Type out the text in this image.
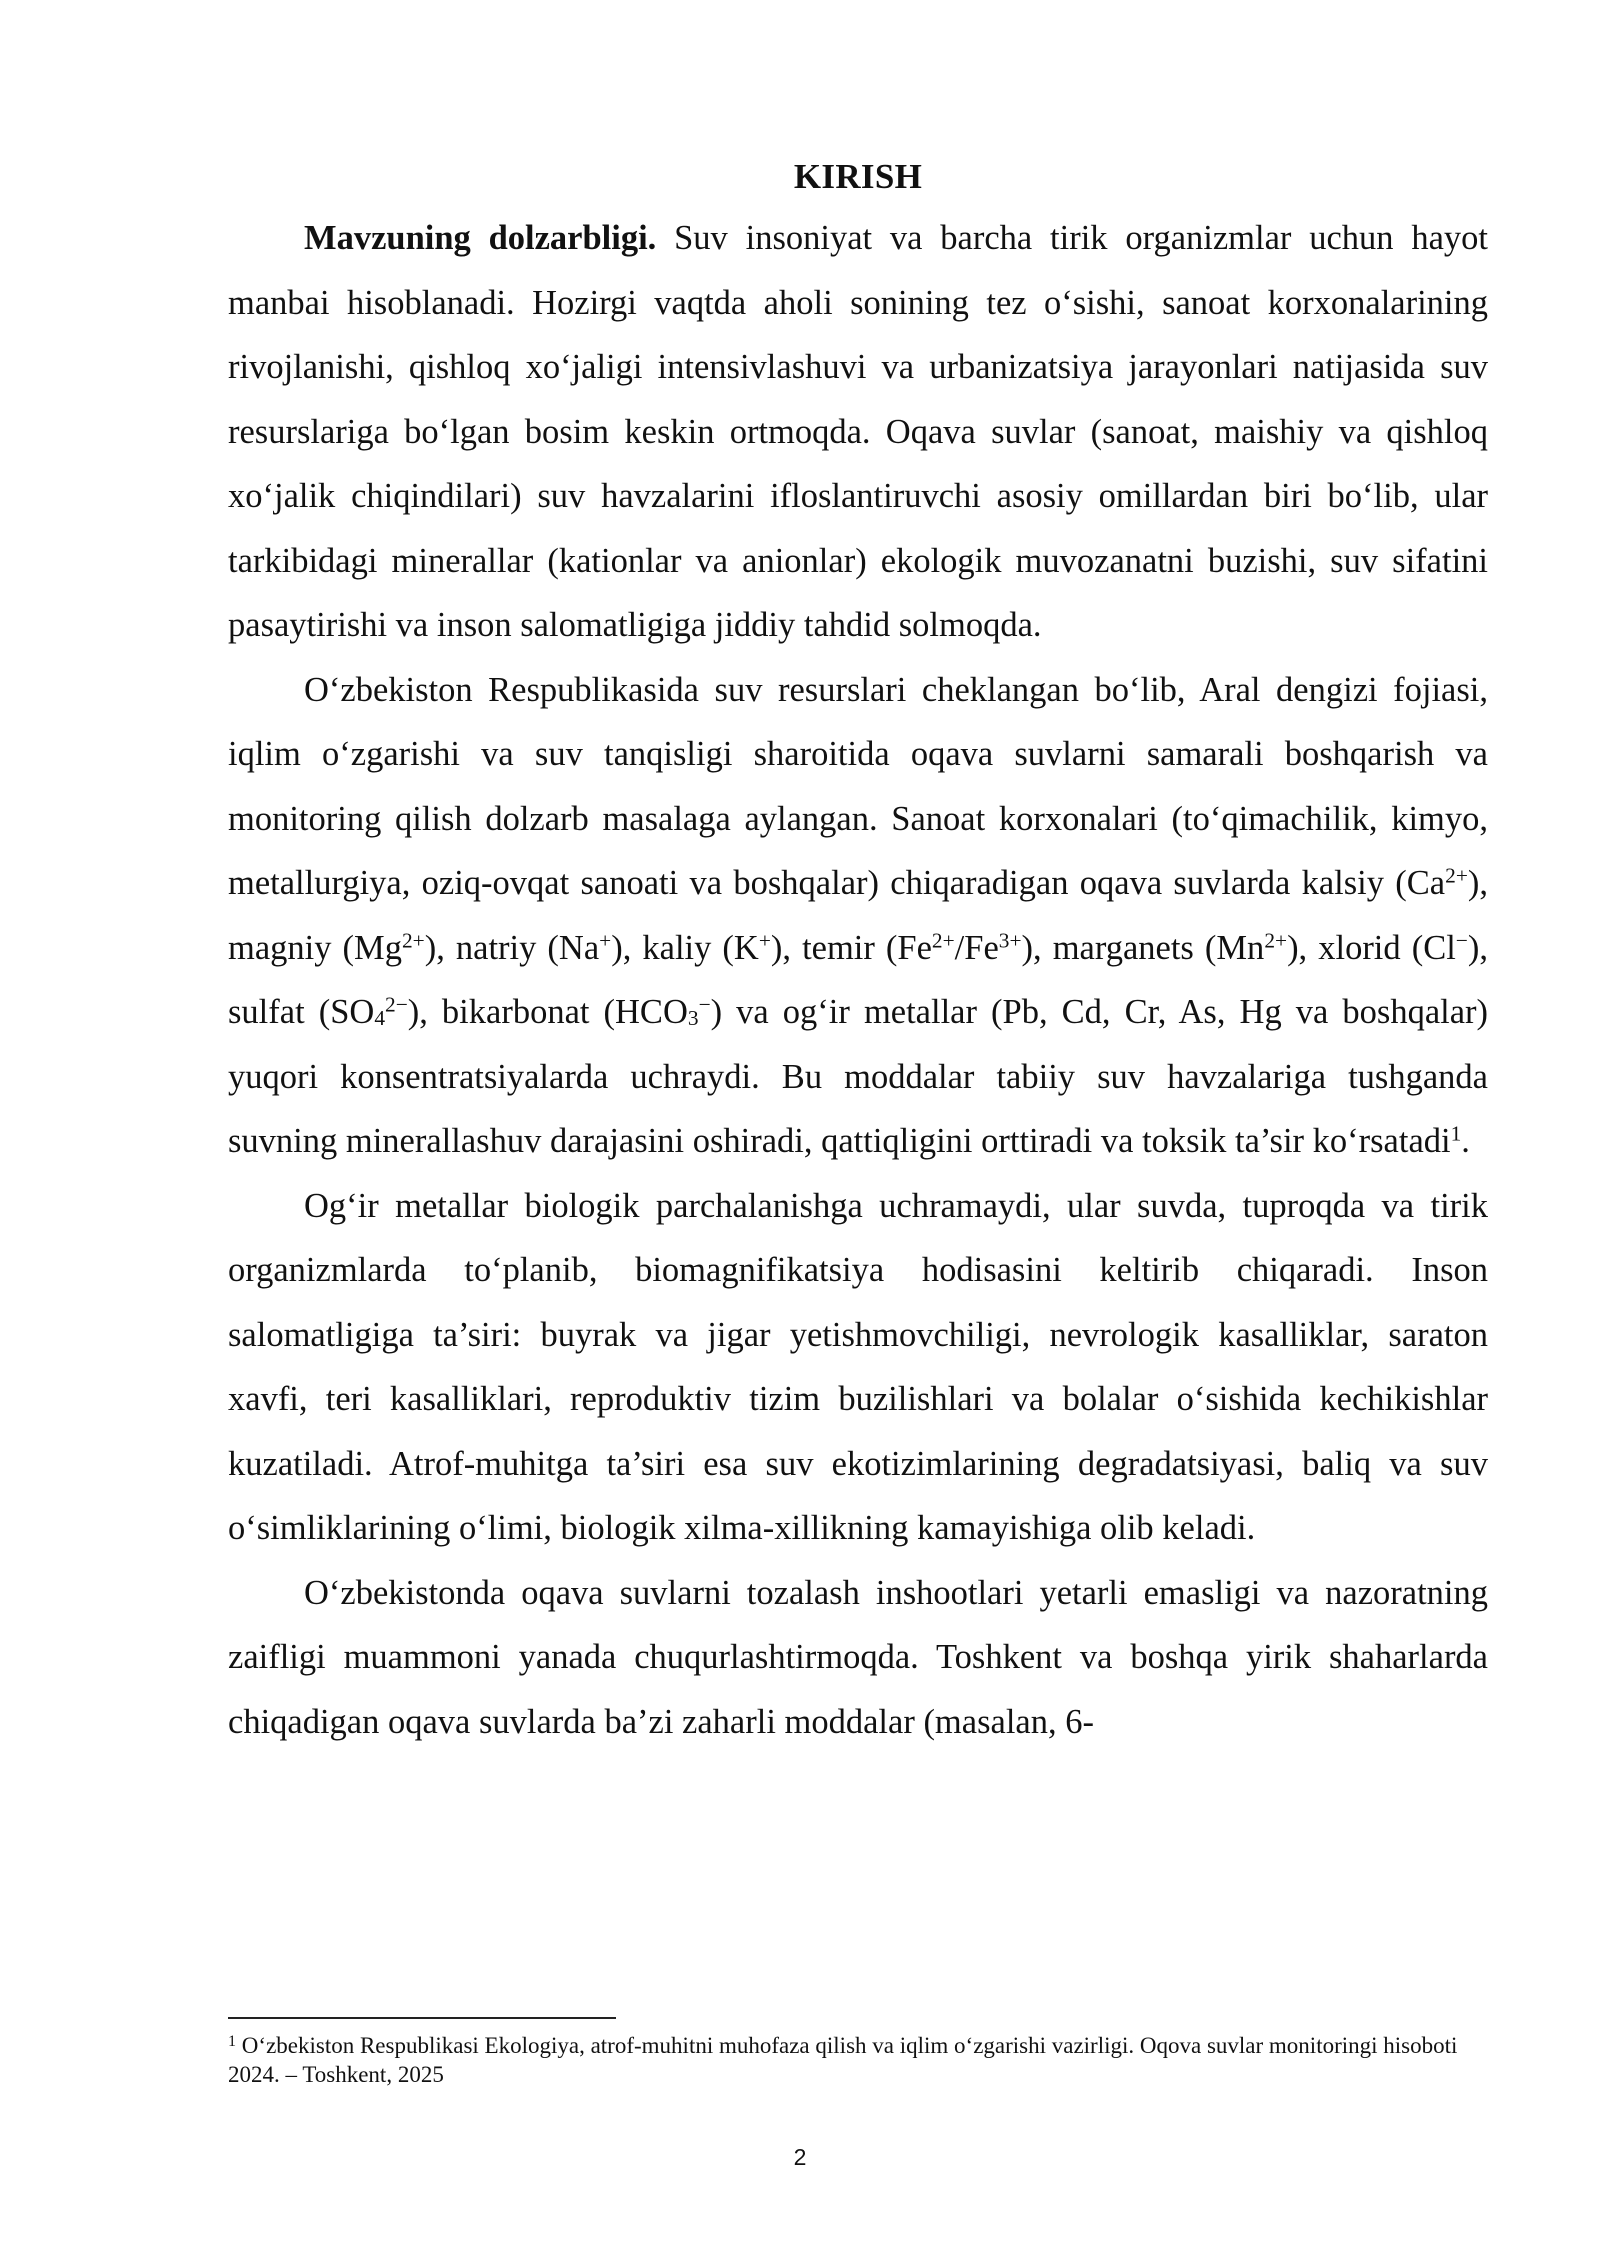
KIRISH

Mavzuning dolzarbligi. Suv insoniyat va barcha tirik organizmlar uchun hayot manbai hisoblanadi. Hozirgi vaqtda aholi sonining tez o‘sishi, sanoat korxonalarining rivojlanishi, qishloq xo‘jaligi intensivlashuvi va urbanizatsiya jarayonlari natijasida suv resurslariga bo‘lgan bosim keskin ortmoqda. Oqava suvlar (sanoat, maishiy va qishloq xo‘jalik chiqindilari) suv havzalarini ifloslantiruvchi asosiy omillardan biri bo‘lib, ular tarkibidagi minerallar (kationlar va anionlar) ekologik muvozanatni buzishi, suv sifatini pasaytirishi va inson salomatligiga jiddiy tahdid solmoqda.

O‘zbekiston Respublikasida suv resurslari cheklangan bo‘lib, Aral dengizi fojiasi, iqlim o‘zgarishi va suv tanqisligi sharoitida oqava suvlarni samarali boshqarish va monitoring qilish dolzarb masalaga aylangan. Sanoat korxonalari (to‘qimachilik, kimyo, metallurgiya, oziq-ovqat sanoati va boshqalar) chiqaradigan oqava suvlarda kalsiy $(Ca^{2+})$, magniy $(Mg^{2+})$, natriy (Na+), kaliy (K+), temir $(Fe^{2+}/Fe^{3+})$, marganets $(Mn^{2+})$, xlorid (Cl−), sulfat $(SO_4^{2-})$, bikarbonat $(HCO_3^-)$ va og‘ir metallar (Pb, Cd, Cr, As, Hg va boshqalar) yuqori konsentratsiyalarda uchraydi. Bu moddalar tabiiy suv havzalariga tushganda suvning minerallashuv darajasini oshiradi, qattiqligini orttiradi va toksik ta’sir ko‘rsatadi$^1$.

Og‘ir metallar biologik parchalanishga uchramaydi, ular suvda, tuproqda va tirik organizmlarda to‘planib, biomagnifikatsiya hodisasini keltirib chiqaradi. Inson salomatligiga ta’siri: buyrak va jigar yetishmovchiligi, nevrologik kasalliklar, saraton xavfi, teri kasalliklari, reproduktiv tizim buzilishlari va bolalar o‘sishida kechikishlar kuzatiladi. Atrof-muhitga ta’siri esa suv ekotizimlarining degradatsiyasi, baliq va suv o‘simliklarining o‘limi, biologik xilma-xillikning kamayishiga olib keladi.

O‘zbekistonda oqava suvlarni tozalash inshootlari yetarli emasligi va nazoratning zaifligi muammoni yanada chuqurlashtirmoqda. Toshkent va boshqa yirik shaharlarda chiqadigan oqava suvlarda ba’zi zaharli moddalar (masalan, 6-

$^1$ O‘zbekiston Respublikasi Ekologiya, atrof-muhitni muhofaza qilish va iqlim o‘zgarishi vazirligi. Oqova suvlar monitoringi hisoboti 2024. – Toshkent, 2025

2
